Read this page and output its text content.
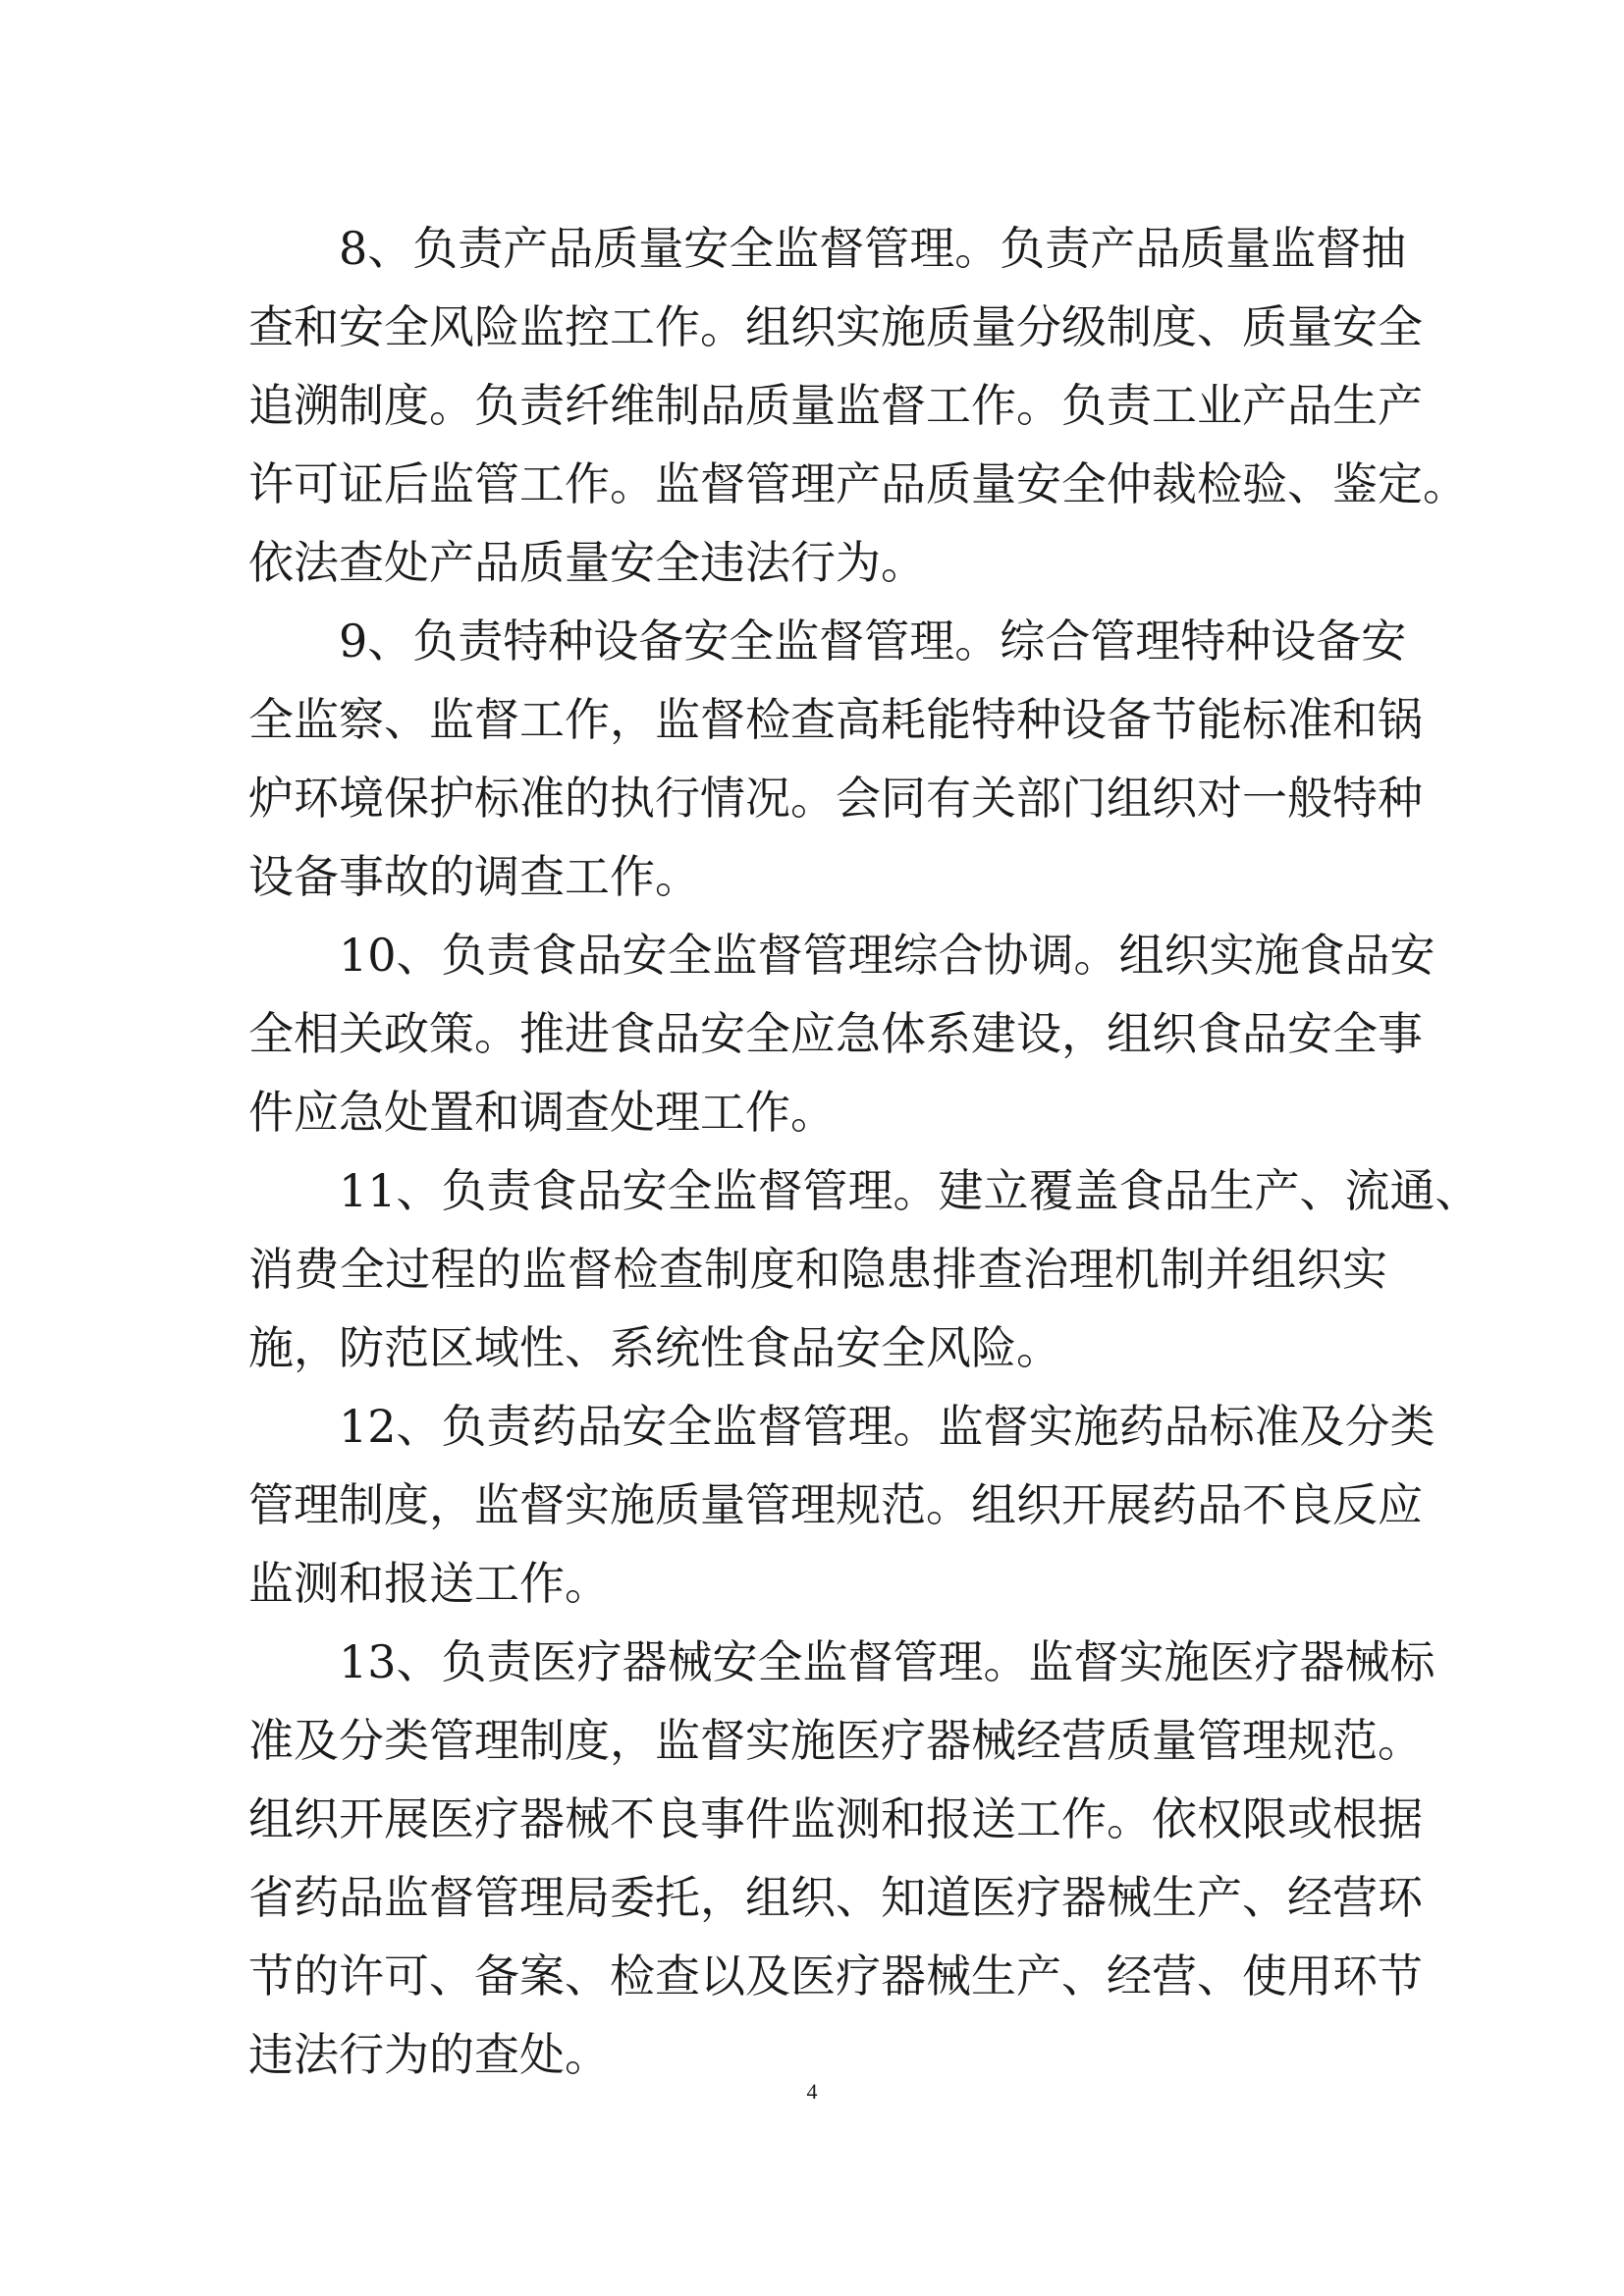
8、负责产品质量安全监督管理。负责产品质量监督抽
查和安全风险监控工作。组织实施质量分级制度、质量安全
追溯制度。负责纤维制品质量监督工作。负责工业产品生产
许可证后监管工作。监督管理产品质量安全仲裁检验、鉴定。
依法查处产品质量安全违法行为。
9、负责特种设备安全监督管理。综合管理特种设备安
全监察、监督工作，监督检查高耗能特种设备节能标准和锅
炉环境保护标准的执行情况。会同有关部门组织对一般特种
设备事故的调查工作。
10、负责食品安全监督管理综合协调。组织实施食品安
全相关政策。推进食品安全应急体系建设，组织食品安全事
件应急处置和调查处理工作。
11、负责食品安全监督管理。建立覆盖食品生产、流通、
消费全过程的监督检查制度和隐患排查治理机制并组织实
施，防范区域性、系统性食品安全风险。
12、负责药品安全监督管理。监督实施药品标准及分类
管理制度，监督实施质量管理规范。组织开展药品不良反应
监测和报送工作。
13、负责医疗器械安全监督管理。监督实施医疗器械标
准及分类管理制度，监督实施医疗器械经营质量管理规范。
组织开展医疗器械不良事件监测和报送工作。依权限或根据
省药品监督管理局委托，组织、知道医疗器械生产、经营环
节的许可、备案、检查以及医疗器械生产、经营、使用环节
违法行为的查处。
4
